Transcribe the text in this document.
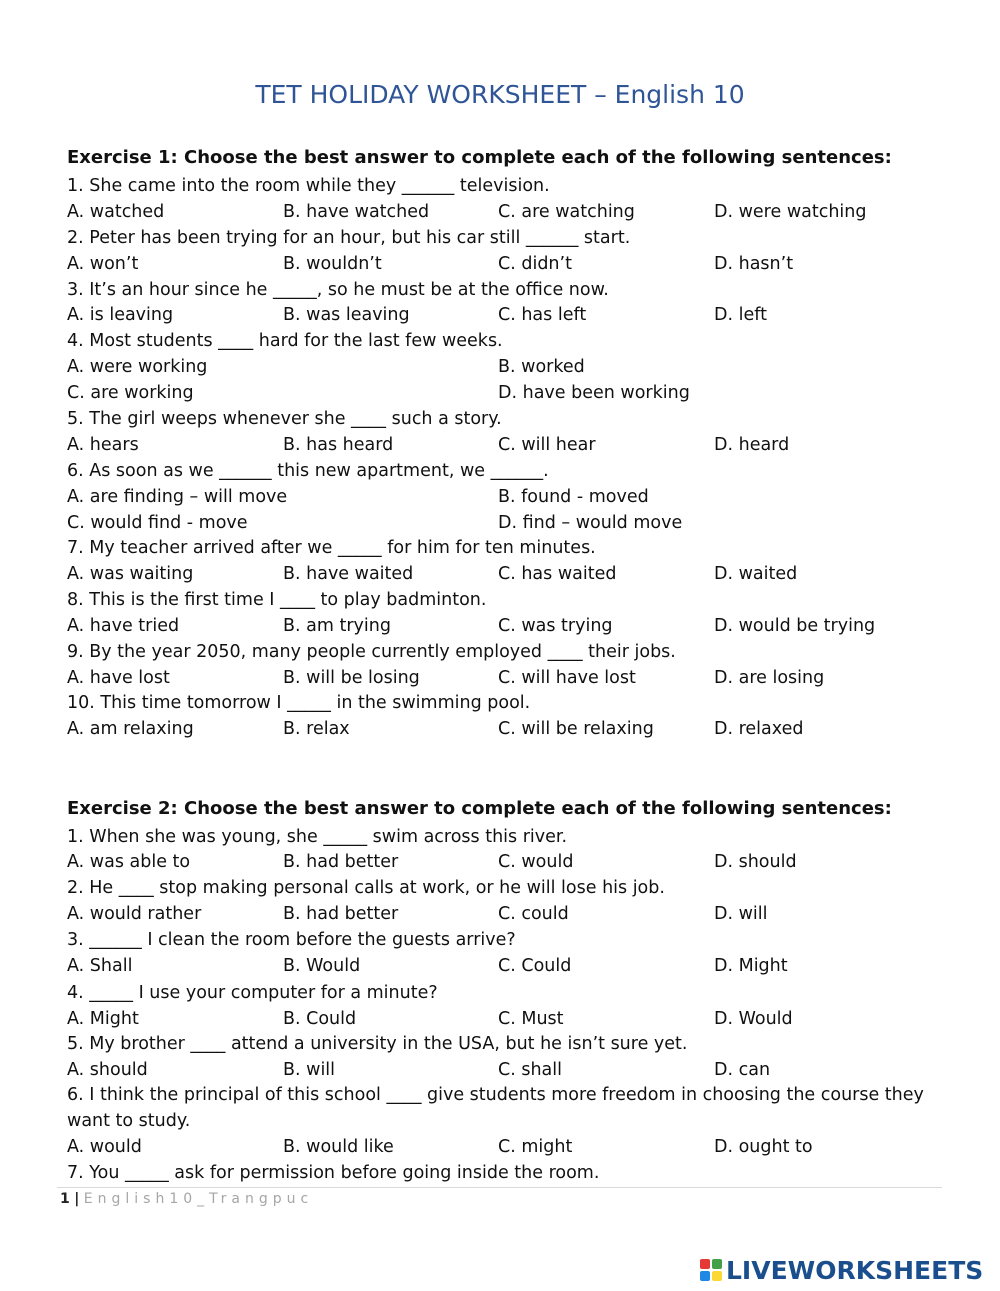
TET HOLIDAY WORKSHEET – English 10
Exercise 1: Choose the best answer to complete each of the following sentences:
1. She came into the room while they ______ television.
A. watched	B. have watched	C. are watching	D. were watching
2. Peter has been trying for an hour, but his car still ______ start.
A. won’t	B. wouldn’t	C. didn’t	D. hasn’t
3. It’s an hour since he _____, so he must be at the office now.
A. is leaving	B. was leaving	C. has left	D. left
4. Most students ____ hard for the last few weeks.
A. were working	B. worked
C. are working	D. have been working
5. The girl weeps whenever she ____ such a story.
A. hears	B. has heard	C. will hear	D. heard
6. As soon as we ______ this new apartment, we ______.
A. are finding – will move	B. found - moved
C. would find - move	D. find – would move
7. My teacher arrived after we _____ for him for ten minutes.
A. was waiting	B. have waited	C. has waited	D. waited
8. This is the first time I ____ to play badminton.
A. have tried	B. am trying	C. was trying	D. would be trying
9. By the year 2050, many people currently employed ____ their jobs.
A. have lost	B. will be losing	C. will have lost	D. are losing
10. This time tomorrow I _____ in the swimming pool.
A. am relaxing	B. relax	C. will be relaxing	D. relaxed
Exercise 2: Choose the best answer to complete each of the following sentences:
1. When she was young, she _____ swim across this river.
A. was able to	B. had better	C. would	D. should
2. He ____ stop making personal calls at work, or he will lose his job.
A. would rather	B. had better	C. could	D. will
3. ______ I clean the room before the guests arrive?
A. Shall	B. Would	C. Could	D. Might
4. _____ I use your computer for a minute?
A. Might	B. Could	C. Must	D. Would
5. My brother ____ attend a university in the USA, but he isn’t sure yet.
A. should	B. will	C. shall	D. can
6. I think the principal of this school ____ give students more freedom in choosing the course they
want to study.
A. would	B. would like	C. might	D. ought to
7. You _____ ask for permission before going inside the room.
1 | English10_Trangpuc
LIVEWORKSHEETS
